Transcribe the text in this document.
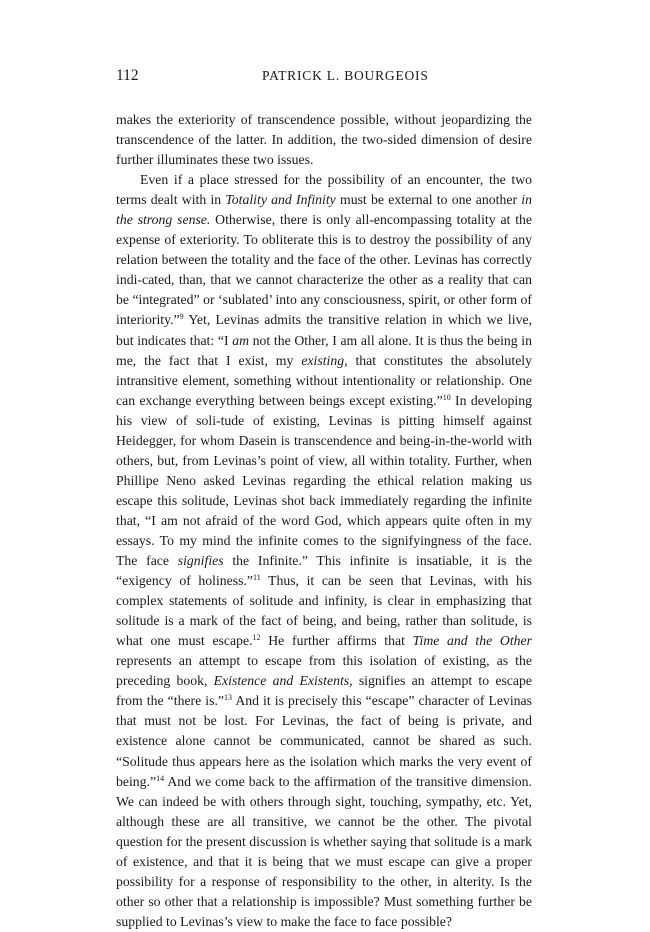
112	PATRICK L. BOURGEOIS

makes the exteriority of transcendence possible, without jeopardizing the transcendence of the latter. In addition, the two-sided dimension of desire further illuminates these two issues.

Even if a place stressed for the possibility of an encounter, the two terms dealt with in Totality and Infinity must be external to one another in the strong sense. Otherwise, there is only all-encompassing totality at the expense of exteriority. To obliterate this is to destroy the possibility of any relation between the totality and the face of the other. Levinas has correctly indi-cated, than, that we cannot characterize the other as a reality that can be “integrated” or ‘sublated’ into any consciousness, spirit, or other form of interiority.”$^9$ Yet, Levinas admits the transitive relation in which we live, but indicates that: “I am not the Other, I am all alone. It is thus the being in me, the fact that I exist, my existing, that constitutes the absolutely intransitive element, something without intentionality or relationship. One can exchange everything between beings except existing.”$^{10}$ In developing his view of soli-tude of existing, Levinas is pitting himself against Heidegger, for whom Dasein is transcendence and being-in-the-world with others, but, from Levinas’s point of view, all within totality. Further, when Phillipe Neno asked Levinas regarding the ethical relation making us escape this solitude, Levinas shot back immediately regarding the infinite that, “I am not afraid of the word God, which appears quite often in my essays. To my mind the infinite comes to the signifyingness of the face. The face signifies the Infinite.” This infinite is insatiable, it is the “exigency of holiness.”$^{11}$ Thus, it can be seen that Levinas, with his complex statements of solitude and infinity, is clear in emphasizing that solitude is a mark of the fact of being, and being, rather than solitude, is what one must escape.$^{12}$ He further affirms that Time and the Other represents an attempt to escape from this isolation of existing, as the preceding book, Existence and Existents, signifies an attempt to escape from the “there is.”$^{13}$ And it is precisely this “escape” character of Levinas that must not be lost. For Levinas, the fact of being is private, and existence alone cannot be communicated, cannot be shared as such. “Solitude thus appears here as the isolation which marks the very event of being.”$^{14}$ And we come back to the affirmation of the transitive dimension. We can indeed be with others through sight, touching, sympathy, etc. Yet, although these are all transitive, we cannot be the other. The pivotal question for the present discussion is whether saying that solitude is a mark of existence, and that it is being that we must escape can give a proper possibility for a response of responsibility to the other, in alterity. Is the other so other that a relationship is impossible? Must something further be supplied to Levinas’s view to make the face to face possible?
